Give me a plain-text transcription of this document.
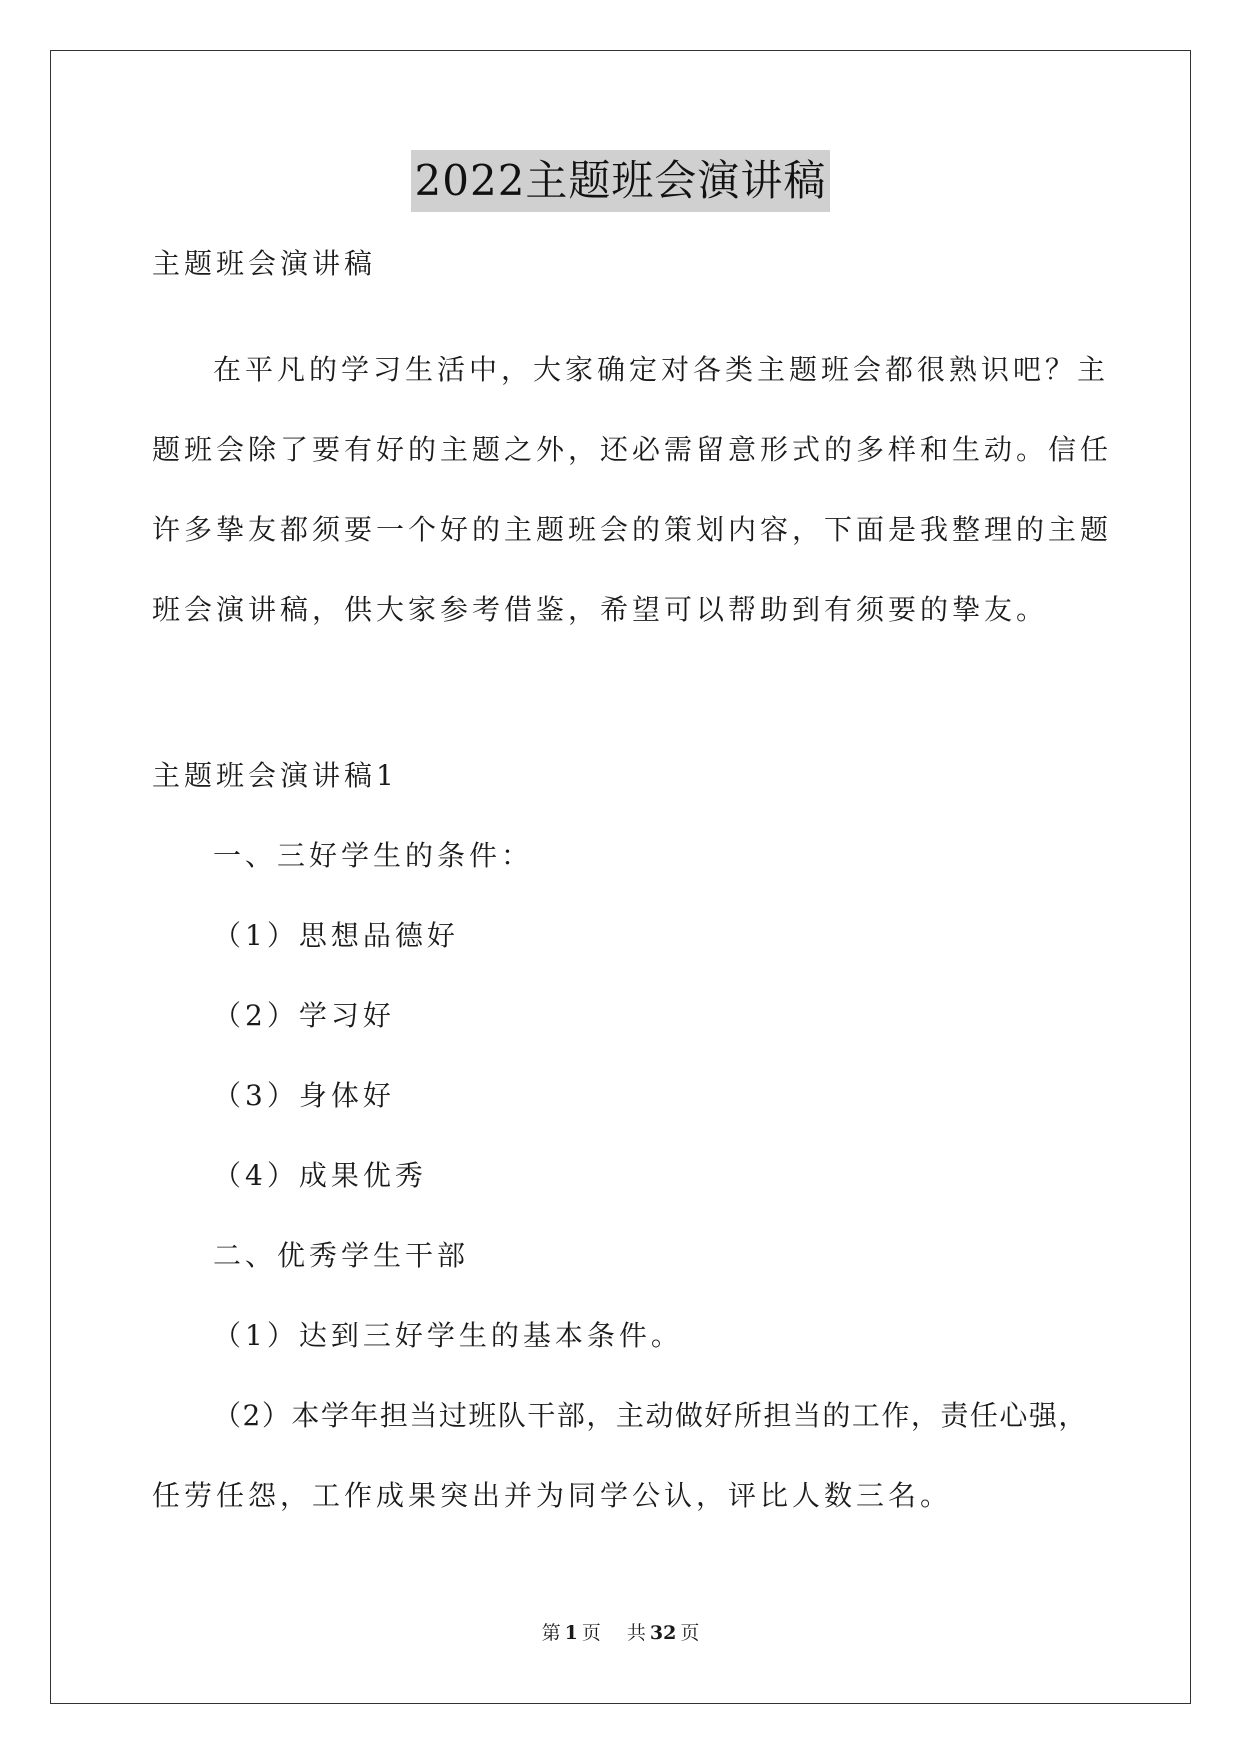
2022主题班会演讲稿
主题班会演讲稿
在平凡的学习生活中，大家确定对各类主题班会都很熟识吧？主
题班会除了要有好的主题之外，还必需留意形式的多样和生动。信任
许多挚友都须要一个好的主题班会的策划内容，下面是我整理的主题
班会演讲稿，供大家参考借鉴，希望可以帮助到有须要的挚友。
主题班会演讲稿1
一、三好学生的条件：
（1）思想品德好
（2）学习好
（3）身体好
（4）成果优秀
二、优秀学生干部
（1）达到三好学生的基本条件。
（2）本学年担当过班队干部，主动做好所担当的工作，责任心强，
任劳任怨，工作成果突出并为同学公认，评比人数三名。
第 1 页 共 32 页
